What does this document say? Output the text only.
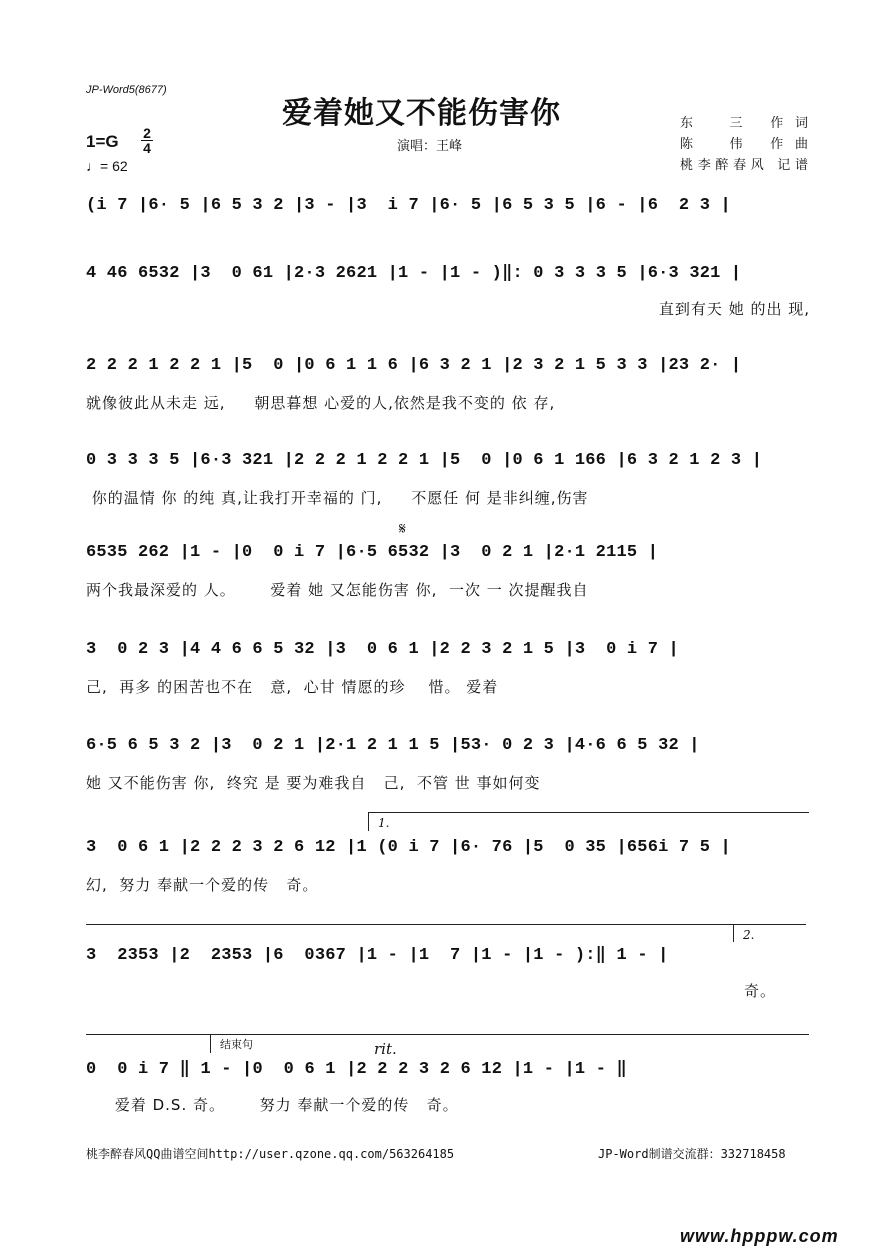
JP-Word5(8677)
爱着她又不能伤害你
演唱：王峰
1=G 2
4
♩= 62
东　三 作词
陈　伟 作曲
桃李醉春风 记谱
(i 7 |6· 5 |6 5 3 2 |3 - |3  i 7 |6· 5 |6 5 3 5 |6 - |6  2 3 |
4 46 6532 |3  0 61 |2·3 2621 |1 - |1 - )‖: 0 3 3 3 5 |6·3 321 |
直到有天 她 的出 现,
2 2 2 1 2 2 1 |5  0 |0 6 1 1 6 |6 3 2 1 |2 3 2 1 5 3 3 |23 2· |
就像彼此从未走 远,     朝思暮想 心爱的人,依然是我不变的 依 存,
0 3 3 3 5 |6·3 321 |2 2 2 1 2 2 1 |5  0 |0 6 1 166 |6 3 2 1 2 3 |
你的温情 你 的纯 真,让我打开幸福的 门,     不愿任 何 是非纠缠,伤害
𝄋
6535 262 |1 - |0  0 i 7 |6·5 6532 |3  0 2 1 |2·1 2115 |
两个我最深爱的 人。      爱着 她 又怎能伤害 你,  一次 一 次提醒我自
3  0 2 3 |4 4 6 6 5 32 |3  0 6 1 |2 2 3 2 1 5 |3  0 i 7 |
己,  再多 的困苦也不在   意,  心甘 情愿的珍    惜。 爱着
6·5 6 5 3 2 |3  0 2 1 |2·1 2 1 1 5 |53· 0 2 3 |4·6 6 5 32 |
她 又不能伤害 你,  终究 是 要为难我自   己,  不管 世 事如何变
1.
3  0 6 1 |2 2 2 3 2 6 12 |1 (0 i 7 |6· 76 |5  0 35 |656i 7 5 |
幻,  努力 奉献一个爱的传   奇。
2.
3  2353 |2  2353 |6  0367 |1 - |1  7 |1 - |1 - ):‖ 1 - |
奇。
结束句	rit.
0  0 i 7 ‖ 1 - |0  0 6 1 |2 2 2 3 2 6 12 |1 - |1 - ‖
爱着 D.S. 奇。      努力 奉献一个爱的传   奇。
桃李醉春风QQ曲谱空间http://user.qzone.qq.com/563264185	JP-Word制谱交流群：332718458
www.hpppw.com
